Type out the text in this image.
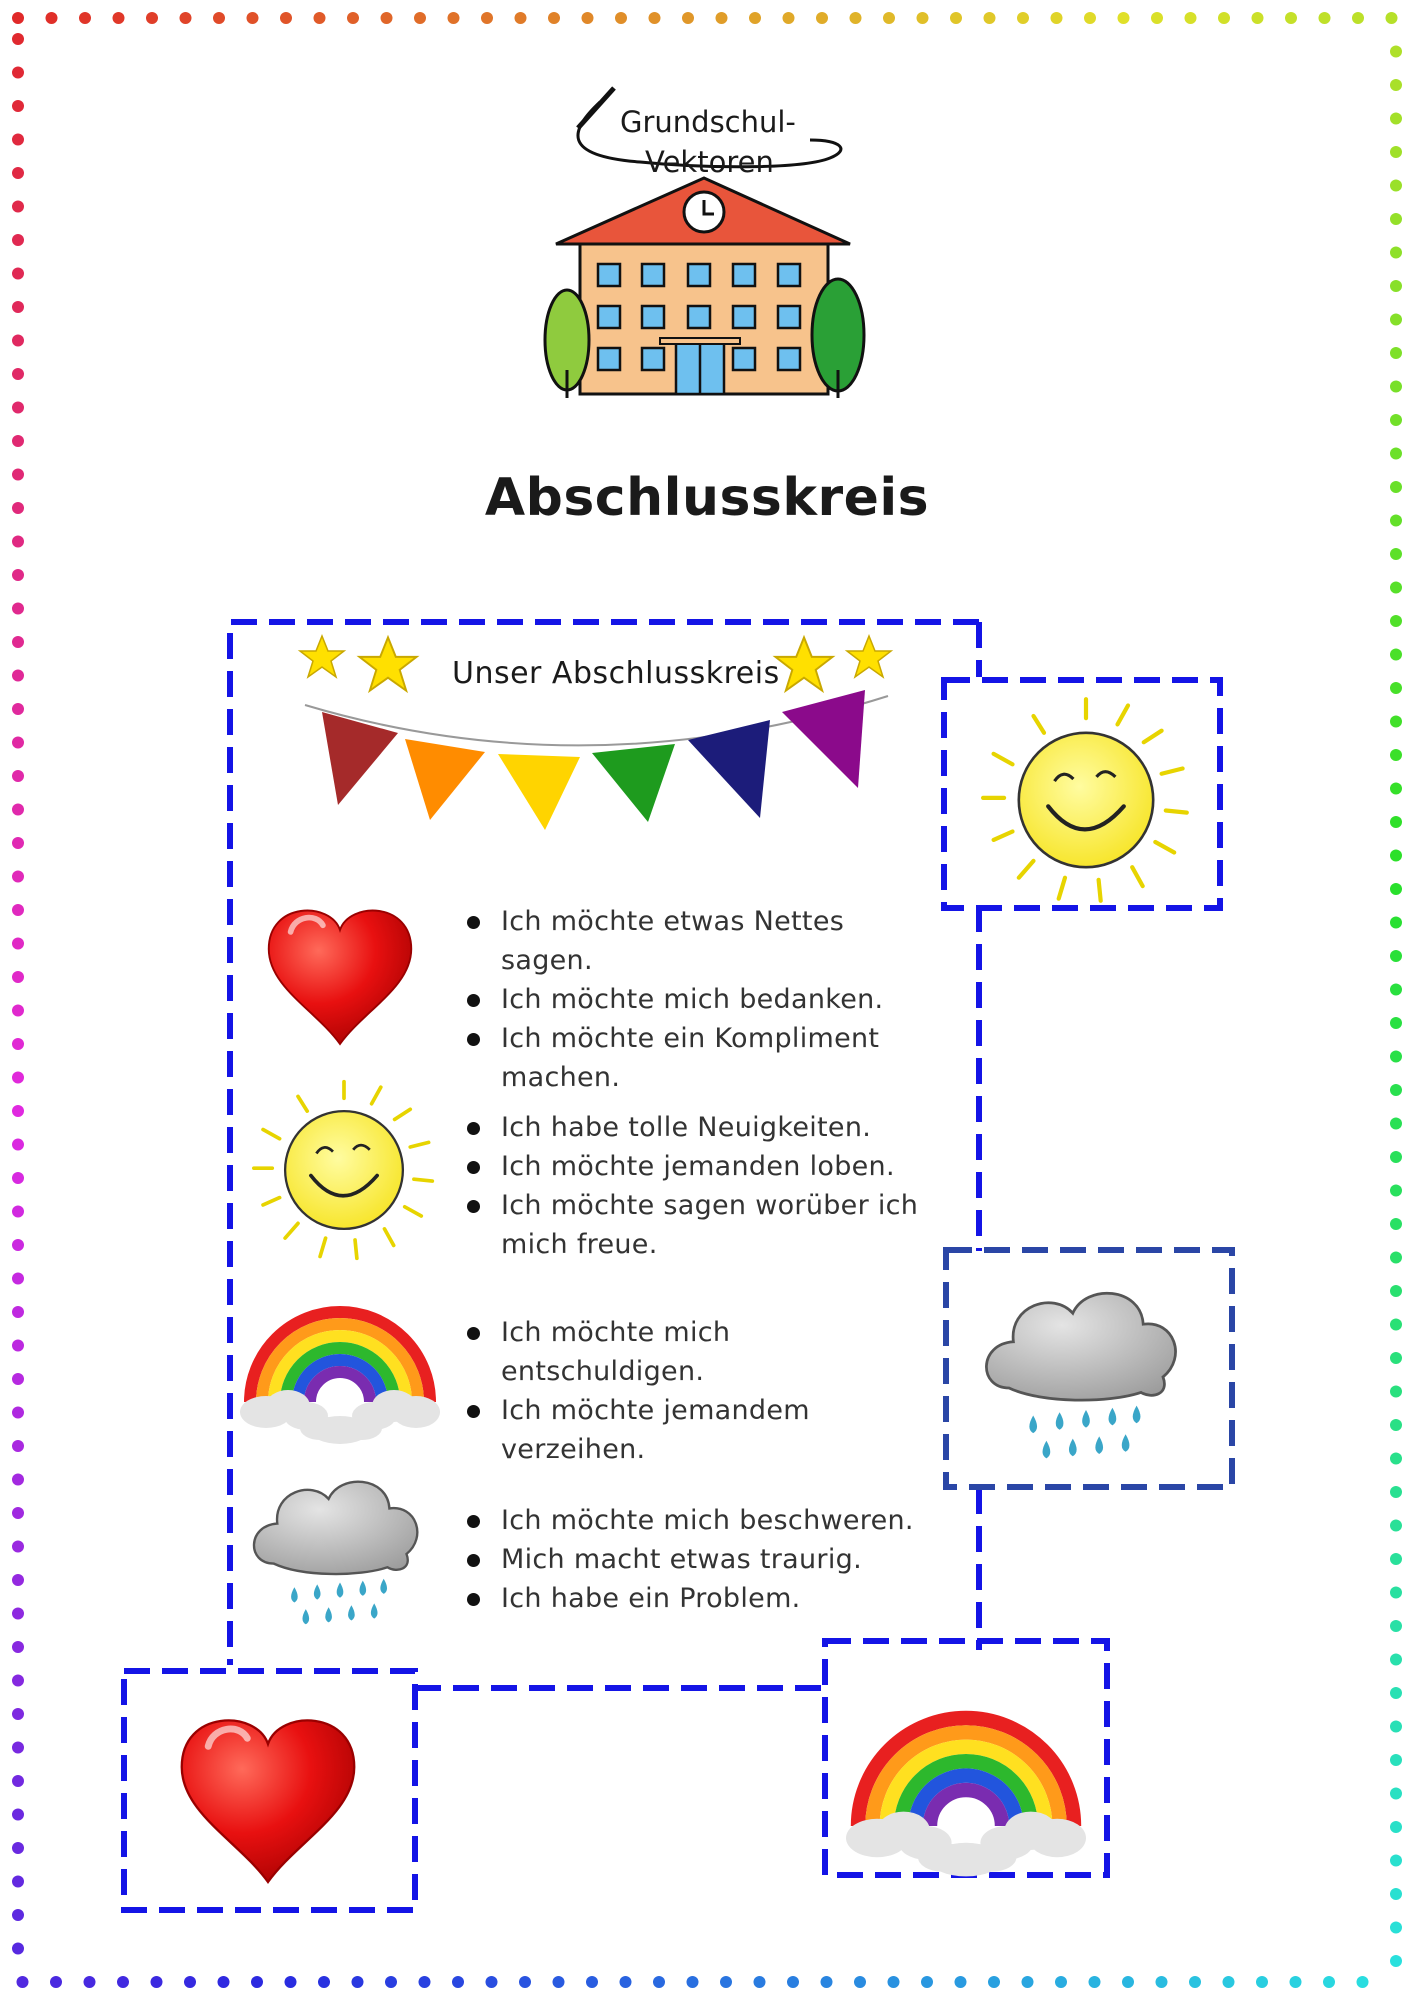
Grundschul-
Vektoren
Abschlusskreis
Unser Abschlusskreis
Ich möchte etwas Nettes sagen.
Ich möchte mich bedanken.
Ich möchte ein Kompliment machen.
Ich habe tolle Neuigkeiten.
Ich möchte jemanden loben.
Ich möchte sagen worüber ich mich freue.
Ich möchte mich entschuldigen.
Ich möchte jemandem verzeihen.
Ich möchte mich beschweren.
Mich macht etwas traurig.
Ich habe ein Problem.
